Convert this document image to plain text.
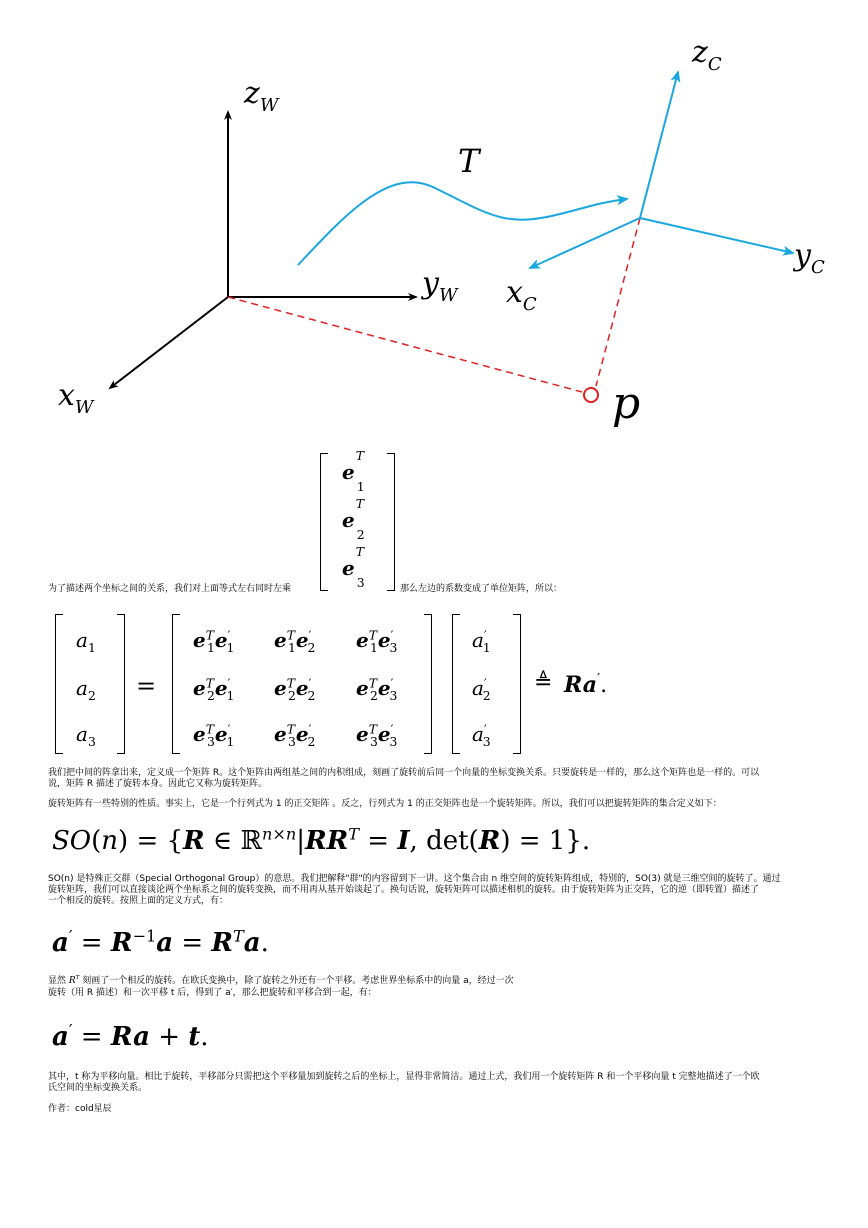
$z_W$
$y_W$
$x_W$
T
$z_C$
$y_C$
$x_C$
p
为了描述两个坐标之间的关系，我们对上面等式左右同时左乘
e
T
$_1$
e
T
$_2$
e
T
$_3$	那么左边的系数变成了单位矩阵，所以：
$a_1$
$a_2$
$a_3$
=
$e^T_1e'_1$ $e^T_1e'_2$ $e^T_1e'_3$
$e^T_2e'_1$ $e^T_2e'_2$ $e^T_2e'_3$
$e^T_3e'_1$ $e^T_3e'_2$ $e^T_3e'_3$
$a'_1$
$a'_2$
$a'_3$
≜ Ra′.
我们把中间的阵拿出来，定义成一个矩阵 R。这个矩阵由两组基之间的内积组成，刻画了旋转前后同一个向量的坐标变换关系。只要旋转是一样的，那么这个矩阵也是一样的。可以
说，矩阵 R 描述了旋转本身。因此它又称为旋转矩阵。
旋转矩阵有一些特别的性质。事实上，它是一个行列式为 1 的正交矩阵 。反之，行列式为 1 的正交矩阵也是一个旋转矩阵。所以，我们可以把旋转矩阵的集合定义如下：
SO(n) = {R ∈ $ℝ^{n\times n}|RR^T = I$, det(R) = 1}.
SO(n) 是特殊正交群（Special Orthogonal Group）的意思。我们把解释"群"的内容留到下一讲。这个集合由 n 维空间的旋转矩阵组成，特别的，SO(3) 就是三维空间的旋转了。通过
旋转矩阵，我们可以直接谈论两个坐标系之间的旋转变换，而不用再从基开始谈起了。换句话说，旋转矩阵可以描述相机的旋转。由于旋转矩阵为正交阵，它的逆（即转置）描述了
一个相反的旋转。按照上面的定义方式，有：
$a' = R^{-1}a = R^Ta$.
显然 $R^T$ 刻画了一个相反的旋转。在欧氏变换中，除了旋转之外还有一个平移。考虑世界坐标系中的向量 a，经过一次
旋转（用 R 描述）和一次平移 t 后，得到了 a′，那么把旋转和平移合到一起，有：
a′ = Ra + t.
其中，t 称为平移向量。相比于旋转，平移部分只需把这个平移量加到旋转之后的坐标上，显得非常简洁。通过上式，我们用一个旋转矩阵 R 和一个平移向量 t 完整地描述了一个欧
氏空间的坐标变换关系。
作者：cold星辰
